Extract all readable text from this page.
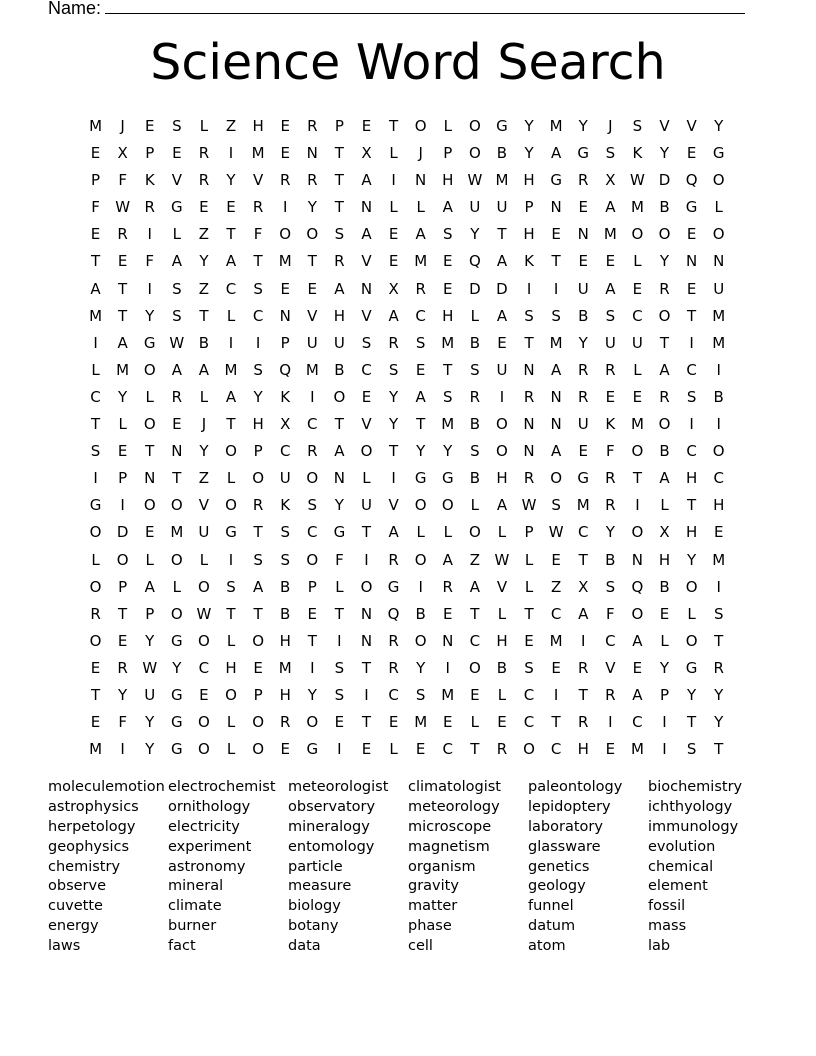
Name:
Science Word Search
M	J	E	S	L	Z	H	E	R	P	E	T	O	L	O	G	Y	M	Y	J	S	V	V	Y
E	X	P	E	R	I	M	E	N	T	X	L	J	P	O	B	Y	A	G	S	K	Y	E	G
P	F	K	V	R	Y	V	R	R	T	A	I	N	H W M H	G	R	X W D	Q	O
F	W R	G	E	E	R	I	Y	T	N	L	L	A	U	U	P	N	E	A	M	B	G	L
E	R	I	L	Z	T	F	O	O	S	A	E	A	S	Y	T	H	E	N	M O	O	E	O
T	E	F	A	Y	A	T	M	T	R	V	E	M	E	Q	A	K	T	E	E	L	Y	N	N
A	T	I	S	Z	C	S	E	E	A	N	X	R	E	D	D	I	I	U	A	E	R	E	U
M	T	Y	S	T	L	C	N	V	H	V	A	C	H	L	A	S	S	B	S	C	O	T	M
I	A	G W B	I	I	P	U	U	S	R	S	M	B	E	T	M	Y	U	U	T	I	M
L	M O	A	A	M	S	Q M	B	C	S	E	T	S	U	N	A	R	R	L	A	C	I
C	Y	L	R	L	A	Y	K	I	O	E	Y	A	S	R	I	R	N	R	E	E	R	S	B
T	L	O	E	J	T	H	X	C	T	V	Y	T	M	B	O	N	N	U	K	M O	I	I
S	E	T	N	Y	O	P	C	R	A	O	T	Y	Y	S	O	N	A	E	F	O	B	C	O
I	P	N	T	Z	L	O	U	O	N	L	I	G	G	B	H	R	O	G	R	T	A	H	C
G	I	O	O	V	O	R	K	S	Y	U	V	O	O	L	A W S	M	R	I	L	T	H
O	D	E	M	U	G	T	S	C	G	T	A	L	L	O	L	P	W C	Y	O	X	H	E
L	O	L	O	L	I	S	S	O	F	I	R	O	A	Z W	L	E	T	B	N	H	Y	M
O	P	A	L	O	S	A	B	P	L	O	G	I	R	A	V	L	Z	X	S	Q	B	O	I
R	T	P	O W	T	T	B	E	T	N	Q	B	E	T	L	T	C	A	F	O	E	L	S
O	E	Y	G	O	L	O	H	T	I	N	R	O	N	C	H	E	M	I	C	A	L	O	T
E	R W	Y	C	H	E	M	I	S	T	R	Y	I	O	B	S	E	R	V	E	Y	G	R
T	Y	U	G	E	O	P	H	Y	S	I	C	S	M	E	L	C	I	T	R	A	P	Y	Y
E	F	Y	G	O	L	O	R	O	E	T	E	M	E	L	E	C	T	R	I	C	I	T	Y
M	I	Y	G	O	L	O	E	G	I	E	L	E	C	T	R	O	C	H	E	M	I	S	T
moleculemotion electrochemist meteorologist	climatologist	paleontology	biochemistry
astrophysics	ornithology	observatory	meteorology	lepidoptery	ichthyology
herpetology	electricity	mineralogy	microscope	laboratory	immunology
geophysics	experiment	entomology	magnetism	glassware	evolution
chemistry	astronomy	particle	organism	genetics	chemical
observe	mineral	measure	gravity	geology	element
cuvette	climate	biology	matter	funnel	fossil
energy	burner	botany	phase	datum	mass
laws	fact	data	cell	atom	lab
